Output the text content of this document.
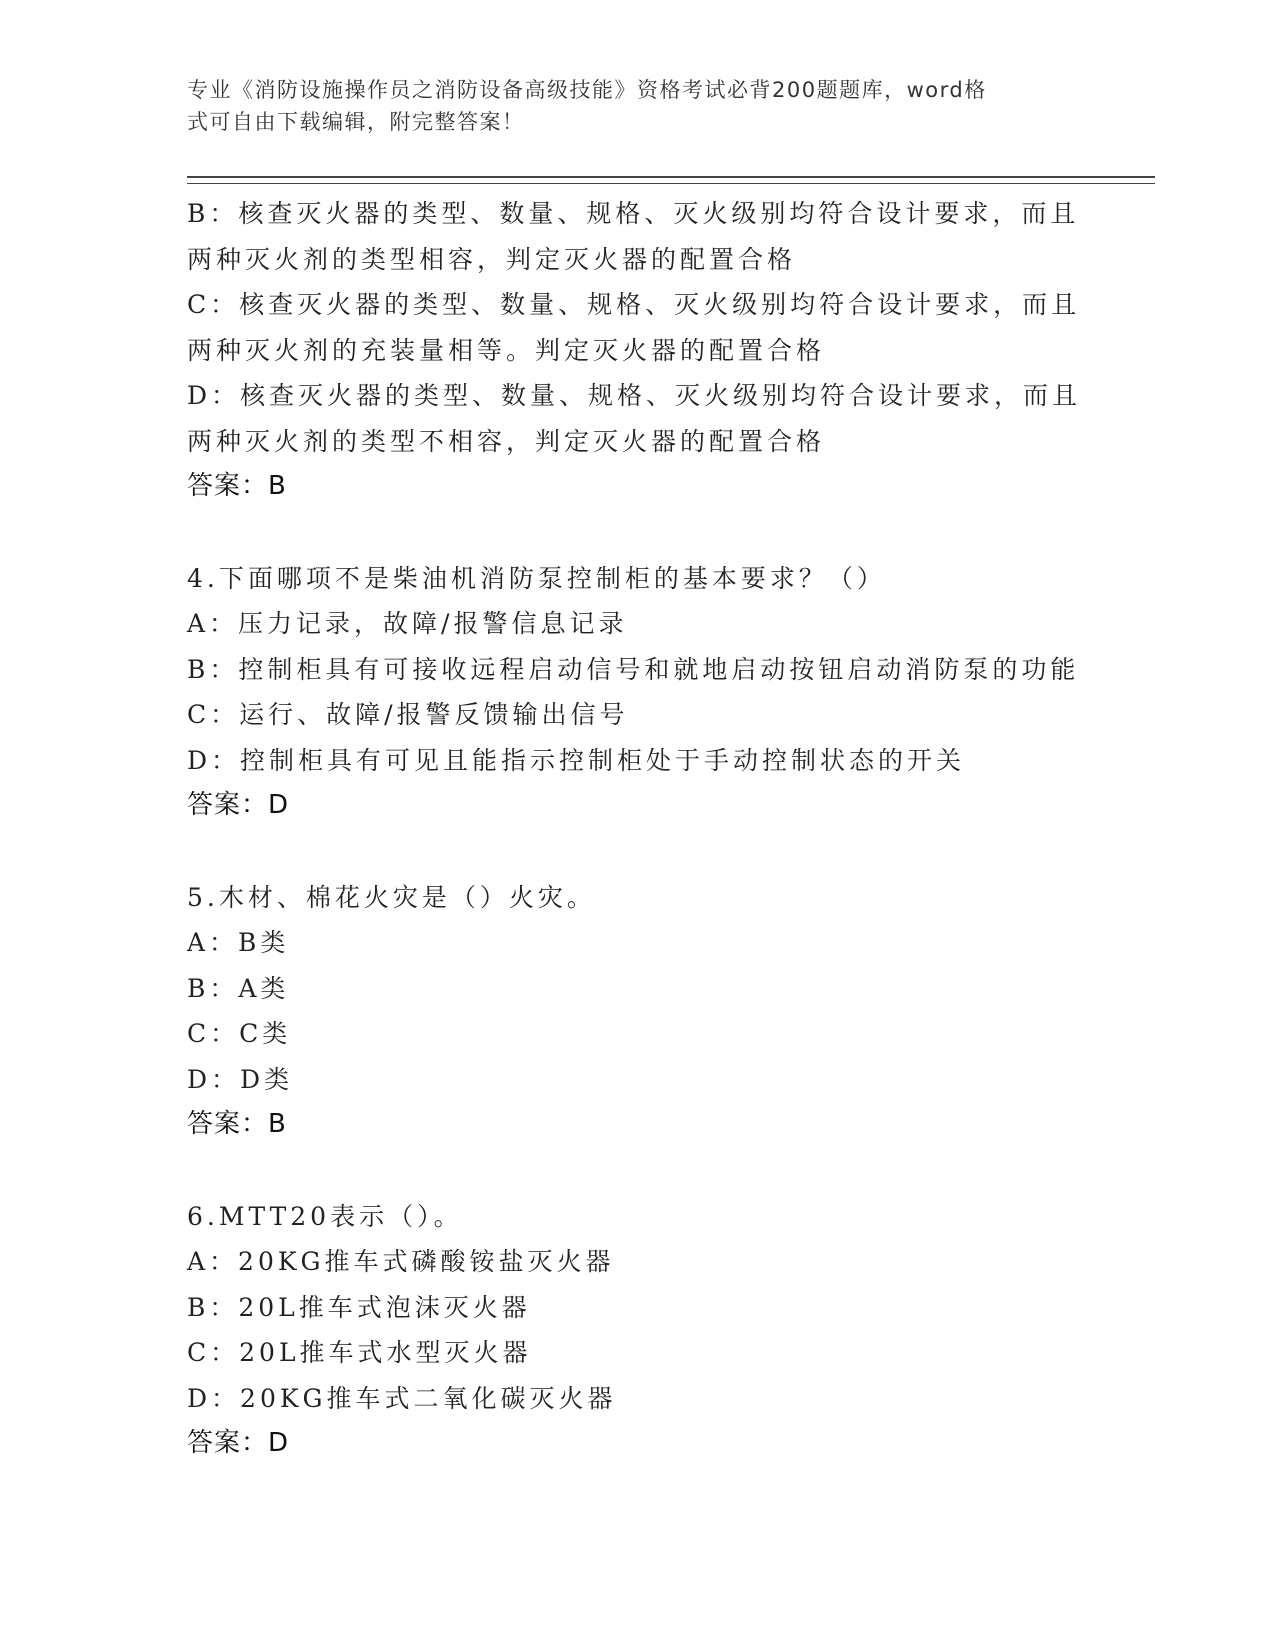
专业《消防设施操作员之消防设备高级技能》资格考试必背200题题库，word格
式可自由下载编辑，附完整答案！
B：核查灭火器的类型、数量、规格、灭火级别均符合设计要求，而且
两种灭火剂的类型相容，判定灭火器的配置合格
C：核查灭火器的类型、数量、规格、灭火级别均符合设计要求，而且
两种灭火剂的充装量相等。判定灭火器的配置合格
D：核查灭火器的类型、数量、规格、灭火级别均符合设计要求，而且
两种灭火剂的类型不相容，判定灭火器的配置合格
答案：B
4.下面哪项不是柴油机消防泵控制柜的基本要求？（）
A：压力记录，故障/报警信息记录
B：控制柜具有可接收远程启动信号和就地启动按钮启动消防泵的功能
C：运行、故障/报警反馈输出信号
D：控制柜具有可见且能指示控制柜处于手动控制状态的开关
答案：D
5.木材、棉花火灾是（）火灾。
A：B类
B：A类
C：C类
D：D类
答案：B
6.MTT20表示（）。
A：20KG推车式磷酸铵盐灭火器
B：20L推车式泡沫灭火器
C：20L推车式水型灭火器
D：20KG推车式二氧化碳灭火器
答案：D
